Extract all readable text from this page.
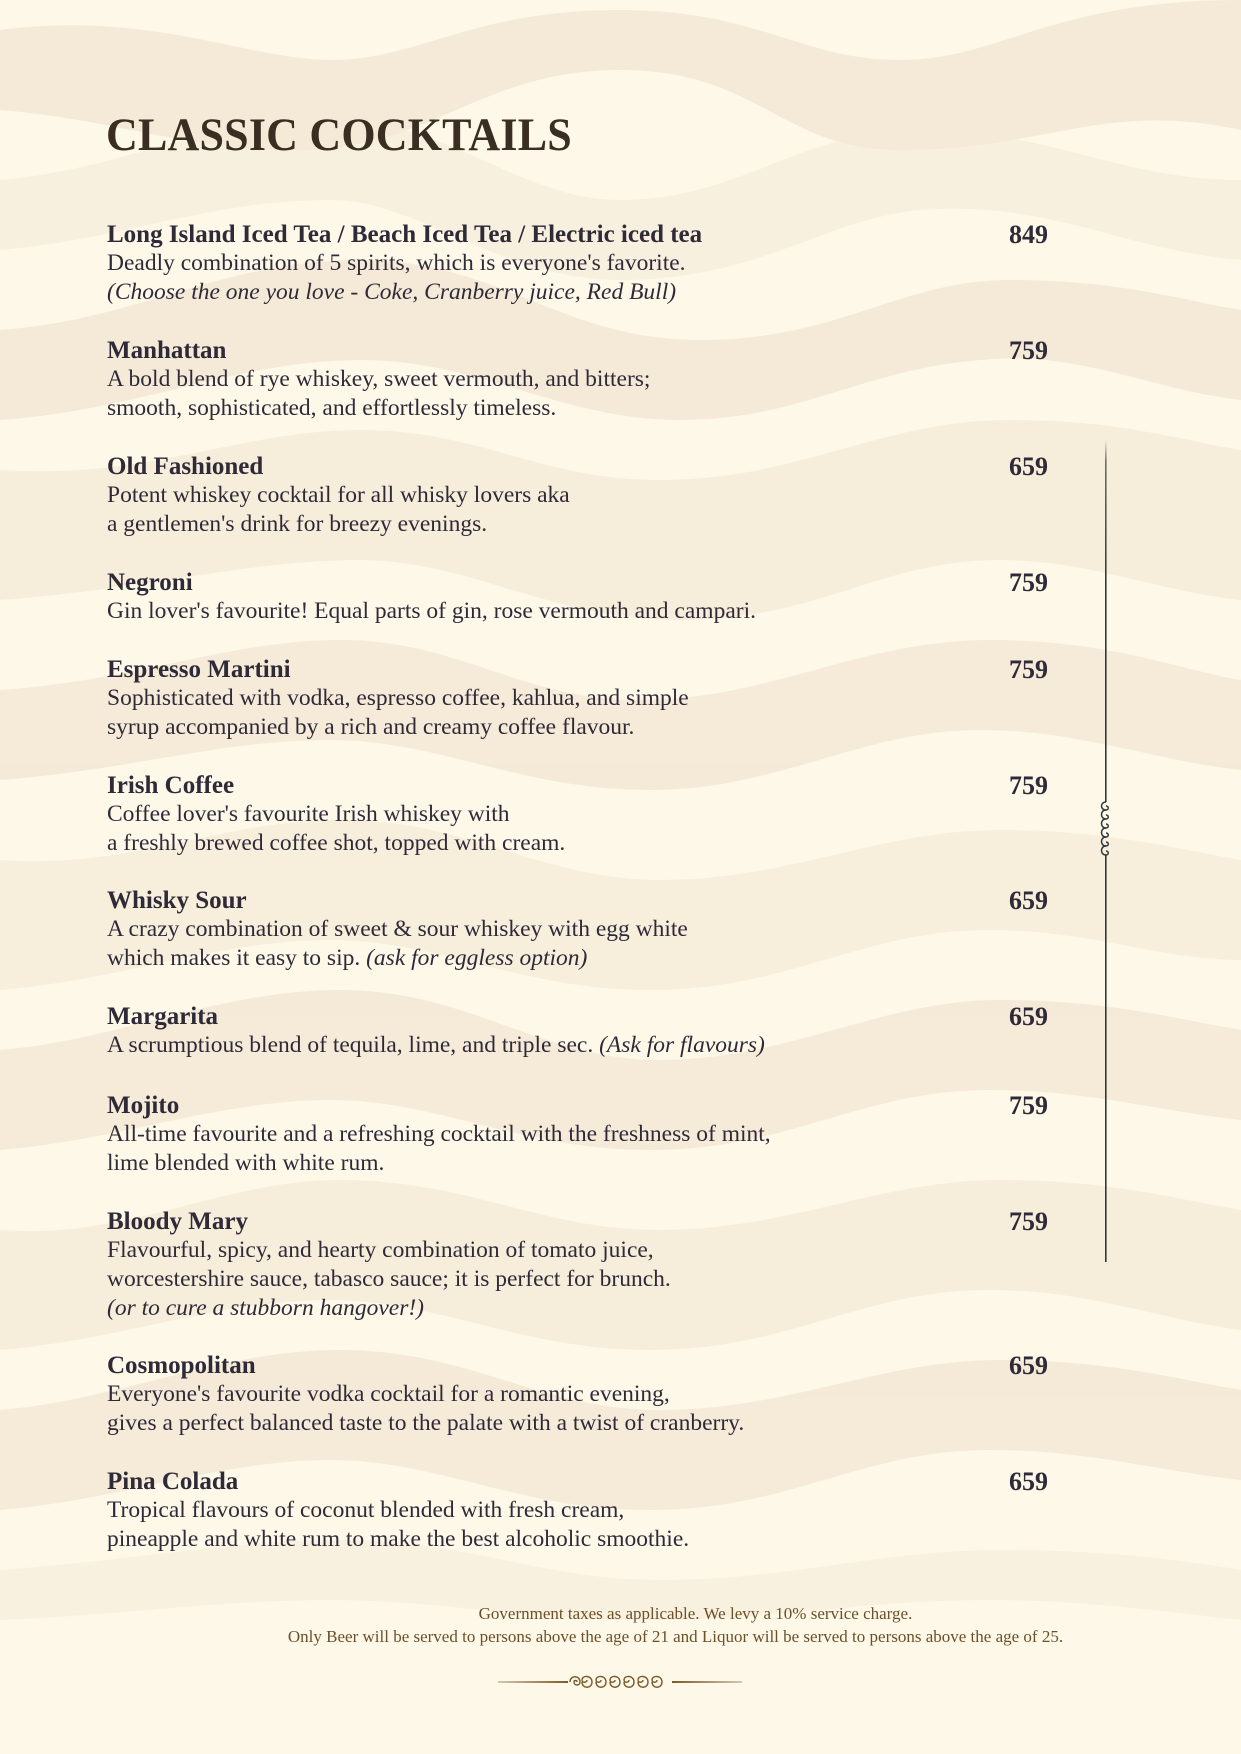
CLASSIC COCKTAILS
Long Island Iced Tea / Beach Iced Tea / Electric iced tea	849
Deadly combination of 5 spirits, which is everyone's favorite.
(Choose the one you love - Coke, Cranberry juice, Red Bull)
Manhattan	759
A bold blend of rye whiskey, sweet vermouth, and bitters;
smooth, sophisticated, and effortlessly timeless.
Old Fashioned	659
Potent whiskey cocktail for all whisky lovers aka
a gentlemen's drink for breezy evenings.
Negroni	759
Gin lover's favourite! Equal parts of gin, rose vermouth and campari.
Espresso Martini	759
Sophisticated with vodka, espresso coffee, kahlua, and simple
syrup accompanied by a rich and creamy coffee flavour.
Irish Coffee	759
Coffee lover's favourite Irish whiskey with
a freshly brewed coffee shot, topped with cream.
Whisky Sour	659
A crazy combination of sweet & sour whiskey with egg white
which makes it easy to sip. (ask for eggless option)
Margarita	659
A scrumptious blend of tequila, lime, and triple sec. (Ask for flavours)
Mojito	759
All-time favourite and a refreshing cocktail with the freshness of mint,
lime blended with white rum.
Bloody Mary	759
Flavourful, spicy, and hearty combination of tomato juice,
worcestershire sauce, tabasco sauce; it is perfect for brunch.
(or to cure a stubborn hangover!)
Cosmopolitan	659
Everyone's favourite vodka cocktail for a romantic evening,
gives a perfect balanced taste to the palate with a twist of cranberry.
Pina Colada	659
Tropical flavours of coconut blended with fresh cream,
pineapple and white rum to make the best alcoholic smoothie.
Government taxes as applicable. We levy a 10% service charge.
Only Beer will be served to persons above the age of 21 and Liquor will be served to persons above the age of 25.
